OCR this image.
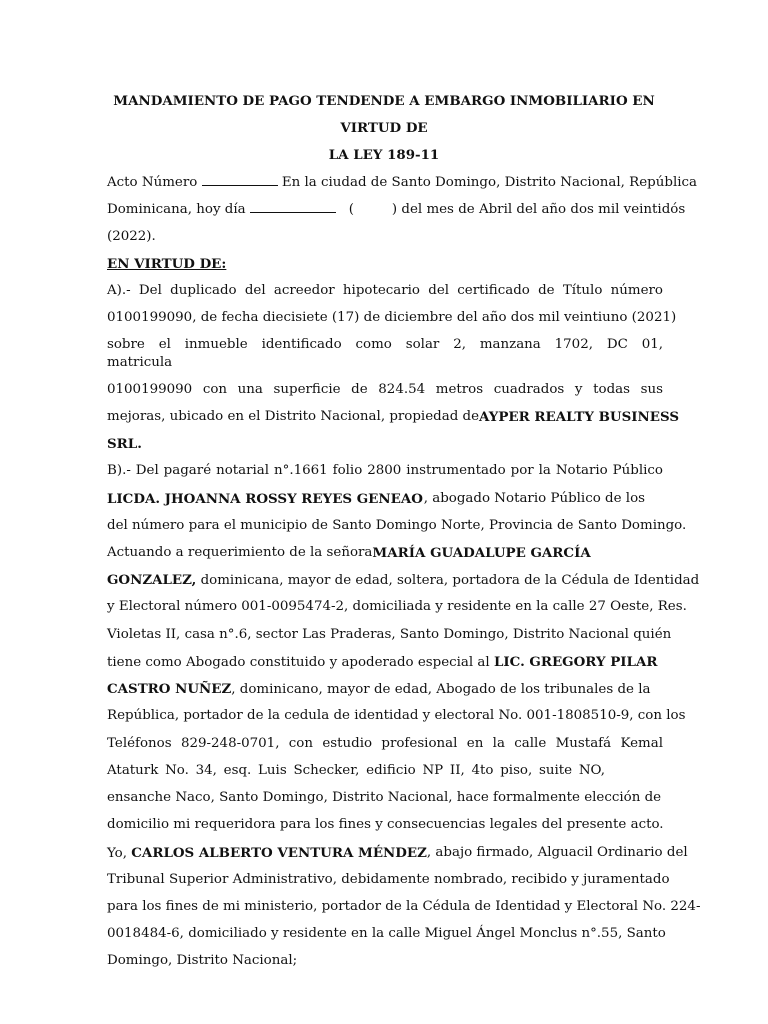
MANDAMIENTO DE PAGO TENDENDE A EMBARGO INMOBILIARIO EN VIRTUD DE
LA LEY 189-11
Acto Número	En la ciudad de Santo Domingo, Distrito Nacional, República
Dominicana, hoy día	(	) del mes de Abril del año dos mil veintidós
(2022).
EN VIRTUD DE:
A).- Del duplicado del acreedor hipotecario del certificado de Título número
0100199090, de fecha diecisiete (17) de diciembre del año dos mil veintiuno (2021)
sobre el inmueble identificado como solar 2, manzana 1702, DC 01,
matricula
0100199090 con una superficie de 824.54 metros cuadrados y todas sus
mejoras, ubicado en el Distrito Nacional, propiedad de AYPER REALTY BUSINESS
SRL.
B).- Del pagaré notarial n°.1661 folio 2800 instrumentado por la Notario Público
LICDA. JHOANNA ROSSY REYES GENEAO , abogado Notario Público de los
del número para el municipio de Santo Domingo Norte, Provincia de Santo Domingo.
Actuando a requerimiento de la señora MARÍA GUADALUPE GARCÍA
GONZALEZ, dominicana, mayor de edad, soltera, portadora de la Cédula de Identidad
y Electoral número 001-0095474-2, domiciliada y residente en la calle 27 Oeste, Res.
Violetas II, casa n°.6, sector Las Praderas, Santo Domingo, Distrito Nacional quién
tiene como Abogado constituido y apoderado especial al LIC. GREGORY PILAR
CASTRO NUÑEZ, dominicano, mayor de edad, Abogado de los tribunales de la
República, portador de la cedula de identidad y electoral No. 001-1808510-9, con los
Teléfonos 829-248-0701, con estudio profesional en la calle Mustafá Kemal
Ataturk No. 34, esq. Luis Schecker, edificio NP II, 4to piso, suite NO,
ensanche Naco, Santo Domingo, Distrito Nacional, hace formalmente elección de
domicilio mi requeridora para los fines y consecuencias legales del presente acto.
Yo, CARLOS ALBERTO VENTURA MÉNDEZ , abajo firmado, Alguacil Ordinario del
Tribunal Superior Administrativo, debidamente nombrado, recibido y juramentado
para los fines de mi ministerio, portador de la Cédula de Identidad y Electoral No. 224-
0018484-6, domiciliado y residente en la calle Miguel Ángel Monclus n°.55, Santo
Domingo, Distrito Nacional;
